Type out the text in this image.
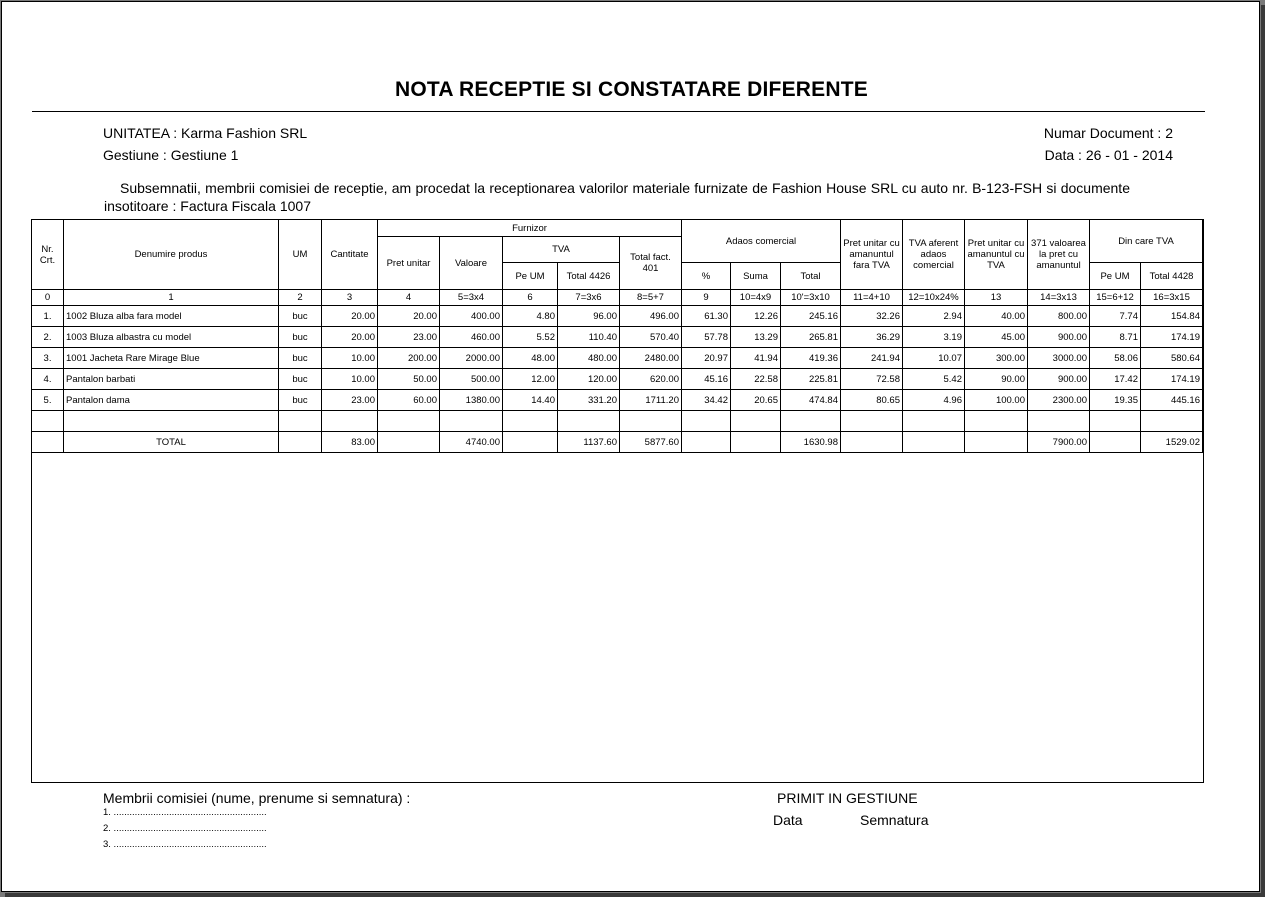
NOTA RECEPTIE SI CONSTATARE DIFERENTE
UNITATEA : Karma Fashion SRL
Gestiune : Gestiune 1
Numar Document : 2
Data : 26 - 01 - 2014
Subsemnatii, membrii comisiei de receptie, am procedat la receptionarea valorilor materiale furnizate de Fashion House SRL cu auto nr. B-123-FSH si documente insotitoare : Factura Fiscala 1007
Nr. Crt.	Denumire produs	UM	Cantitate	Furnizor					Adaos comercial			Pret unitar cu amanuntul fara TVA	TVA aferent adaos comercial	Pret unitar cu amanuntul cu TVA	371 valoarea la pret cu amanuntul	Din care TVA	
				Pret unitar	Valoare	TVA		Total fact. 401									
						Pe UM	Total 4426		%	Suma	Total					Pe UM	Total 4428
0	1	2	3	4	5=3x4	6	7=3x6	8=5+7	9	10=4x9	10'=3x10	11=4+10	12=10x24%	13	14=3x13	15=6+12	16=3x15
1.	1002 Bluza alba fara model	buc	20.00	20.00	400.00	4.80	96.00	496.00	61.30	12.26	245.16	32.26	2.94	40.00	800.00	7.74	154.84
2.	1003 Bluza albastra cu model	buc	20.00	23.00	460.00	5.52	110.40	570.40	57.78	13.29	265.81	36.29	3.19	45.00	900.00	8.71	174.19
3.	1001 Jacheta Rare Mirage Blue	buc	10.00	200.00	2000.00	48.00	480.00	2480.00	20.97	41.94	419.36	241.94	10.07	300.00	3000.00	58.06	580.64
4.	Pantalon barbati	buc	10.00	50.00	500.00	12.00	120.00	620.00	45.16	22.58	225.81	72.58	5.42	90.00	900.00	17.42	174.19
5.	Pantalon dama	buc	23.00	60.00	1380.00	14.40	331.20	1711.20	34.42	20.65	474.84	80.65	4.96	100.00	2300.00	19.35	445.16

	TOTAL		83.00		4740.00		1137.60	5877.60			1630.98				7900.00		1529.02
Membrii comisiei (nume, prenume si semnatura) :
1. ..........................................................
2. ..........................................................
3. ..........................................................
PRIMIT IN GESTIUNE
Data	Semnatura
